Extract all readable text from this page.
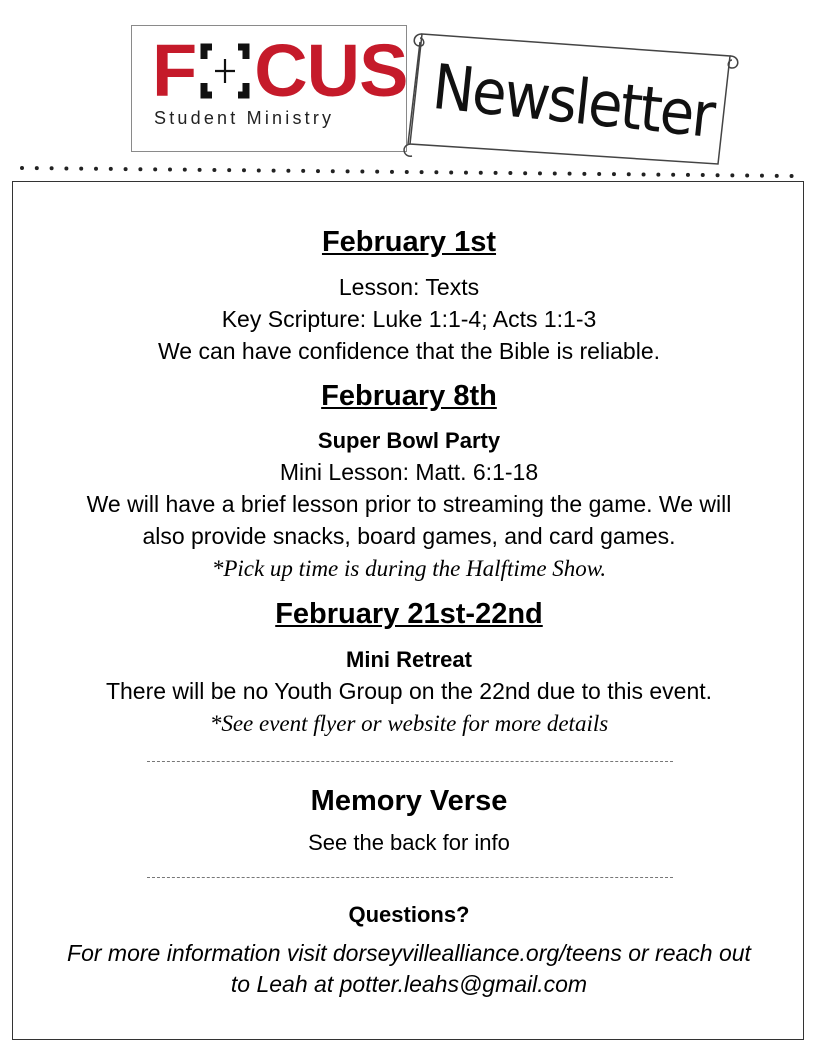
F CUS
Student Ministry Newsletter
February 1st
Lesson: Texts
Key Scripture: Luke 1:1-4; Acts 1:1-3
We can have confidence that the Bible is reliable.
February 8th
Super Bowl Party
Mini Lesson: Matt. 6:1-18
We will have a brief lesson prior to streaming the game. We will
also provide snacks, board games, and card games.
*Pick up time is during the Halftime Show.
February 21st-22nd
Mini Retreat
There will be no Youth Group on the 22nd due to this event.
*See event flyer or website for more details
Memory Verse
See the back for info
Questions?
For more information visit dorseyvillealliance.org/teens or reach out
to Leah at potter.leahs@gmail.com
